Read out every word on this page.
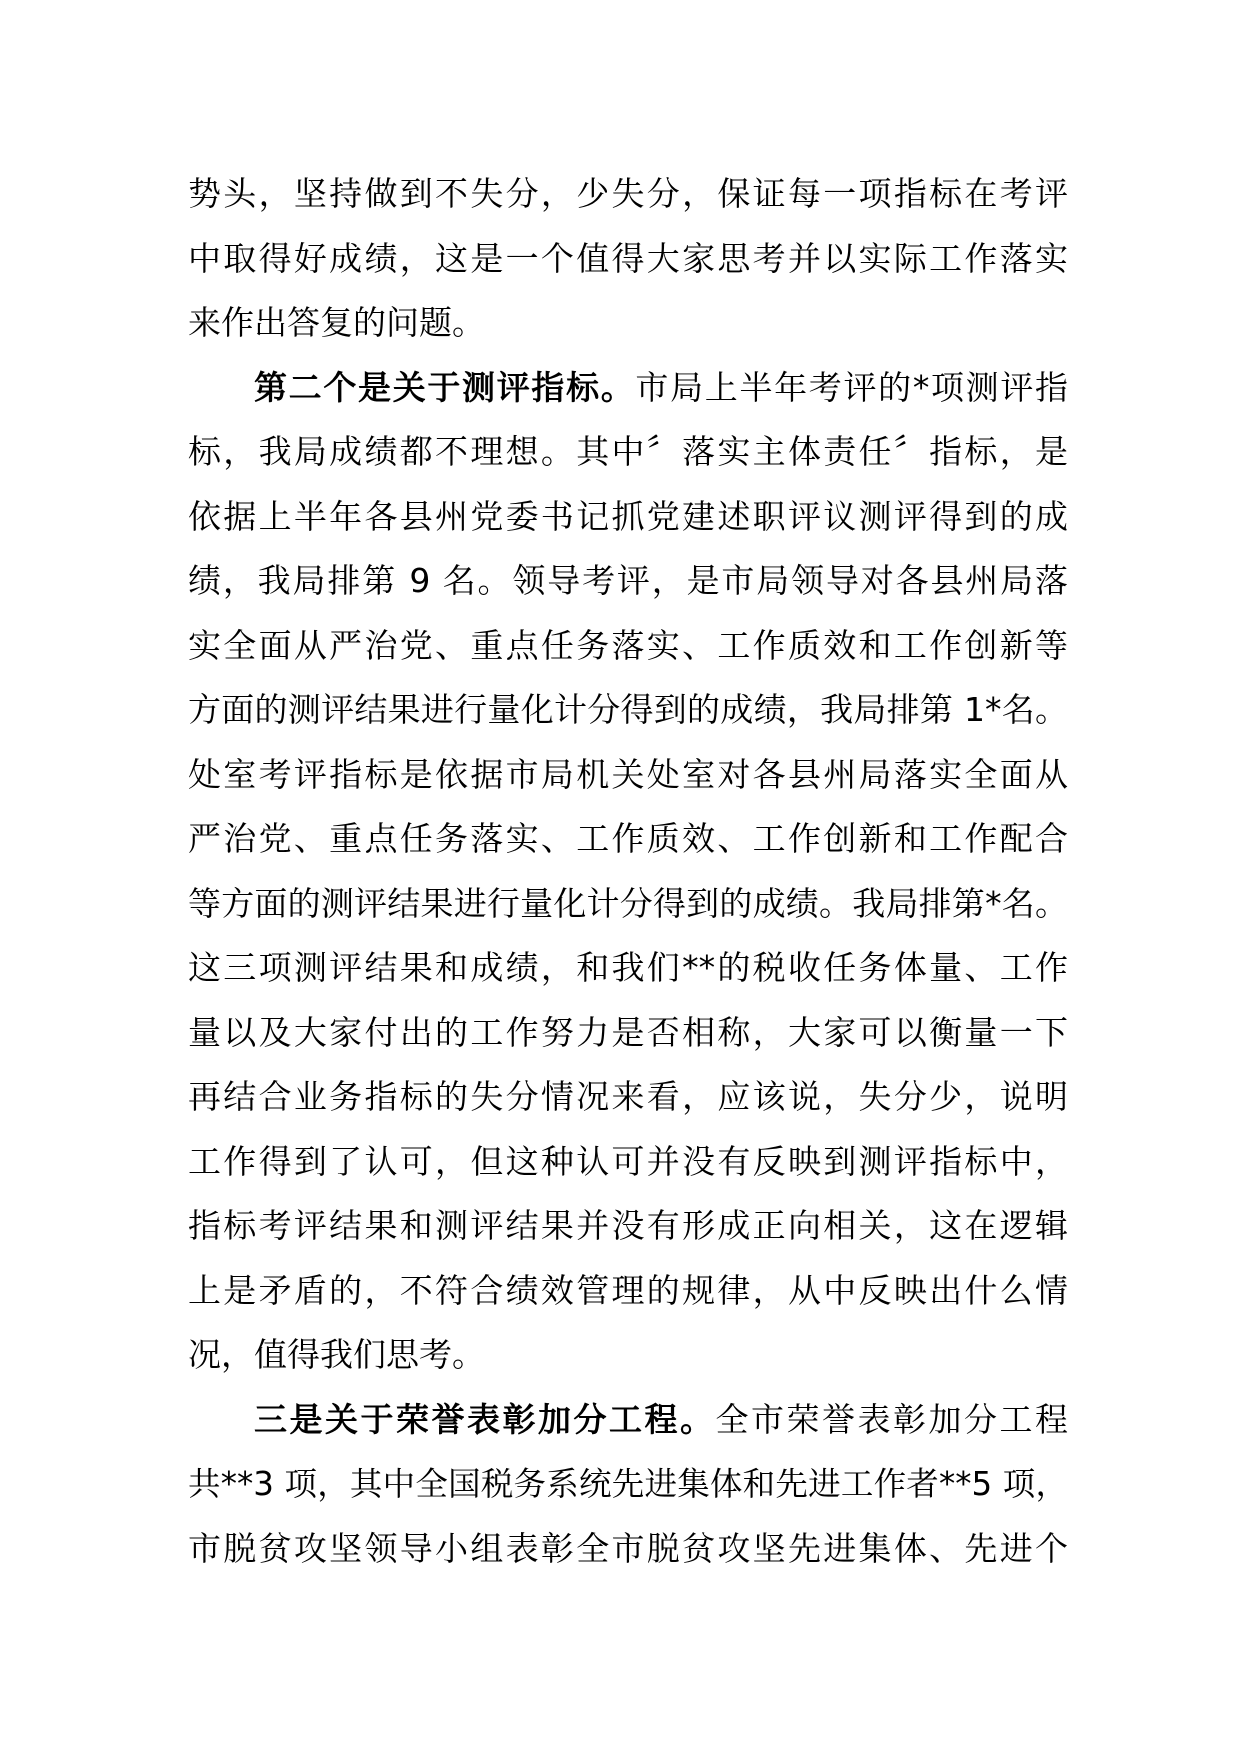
势头，坚持做到不失分，少失分，保证每一项指标在考评
中取得好成绩，这是一个值得大家思考并以实际工作落实
来作出答复的问题。
第二个是关于测评指标。市局上半年考评的*项测评指
标，我局成绩都不理想。其中〞落实主体责任〞指标，是
依据上半年各县州党委书记抓党建述职评议测评得到的成
绩，我局排第 9 名。领导考评，是市局领导对各县州局落
实全面从严治党、重点任务落实、工作质效和工作创新等
方面的测评结果进行量化计分得到的成绩，我局排第 1*名。
处室考评指标是依据市局机关处室对各县州局落实全面从
严治党、重点任务落实、工作质效、工作创新和工作配合
等方面的测评结果进行量化计分得到的成绩。我局排第*名。
这三项测评结果和成绩，和我们**的税收任务体量、工作
量以及大家付出的工作努力是否相称，大家可以衡量一下
再结合业务指标的失分情况来看，应该说，失分少，说明
工作得到了认可，但这种认可并没有反映到测评指标中，
指标考评结果和测评结果并没有形成正向相关，这在逻辑
上是矛盾的，不符合绩效管理的规律，从中反映出什么情
况，值得我们思考。
三是关于荣誉表彰加分工程。全市荣誉表彰加分工程
共**3 项，其中全国税务系统先进集体和先进工作者**5 项，
市脱贫攻坚领导小组表彰全市脱贫攻坚先进集体、先进个
